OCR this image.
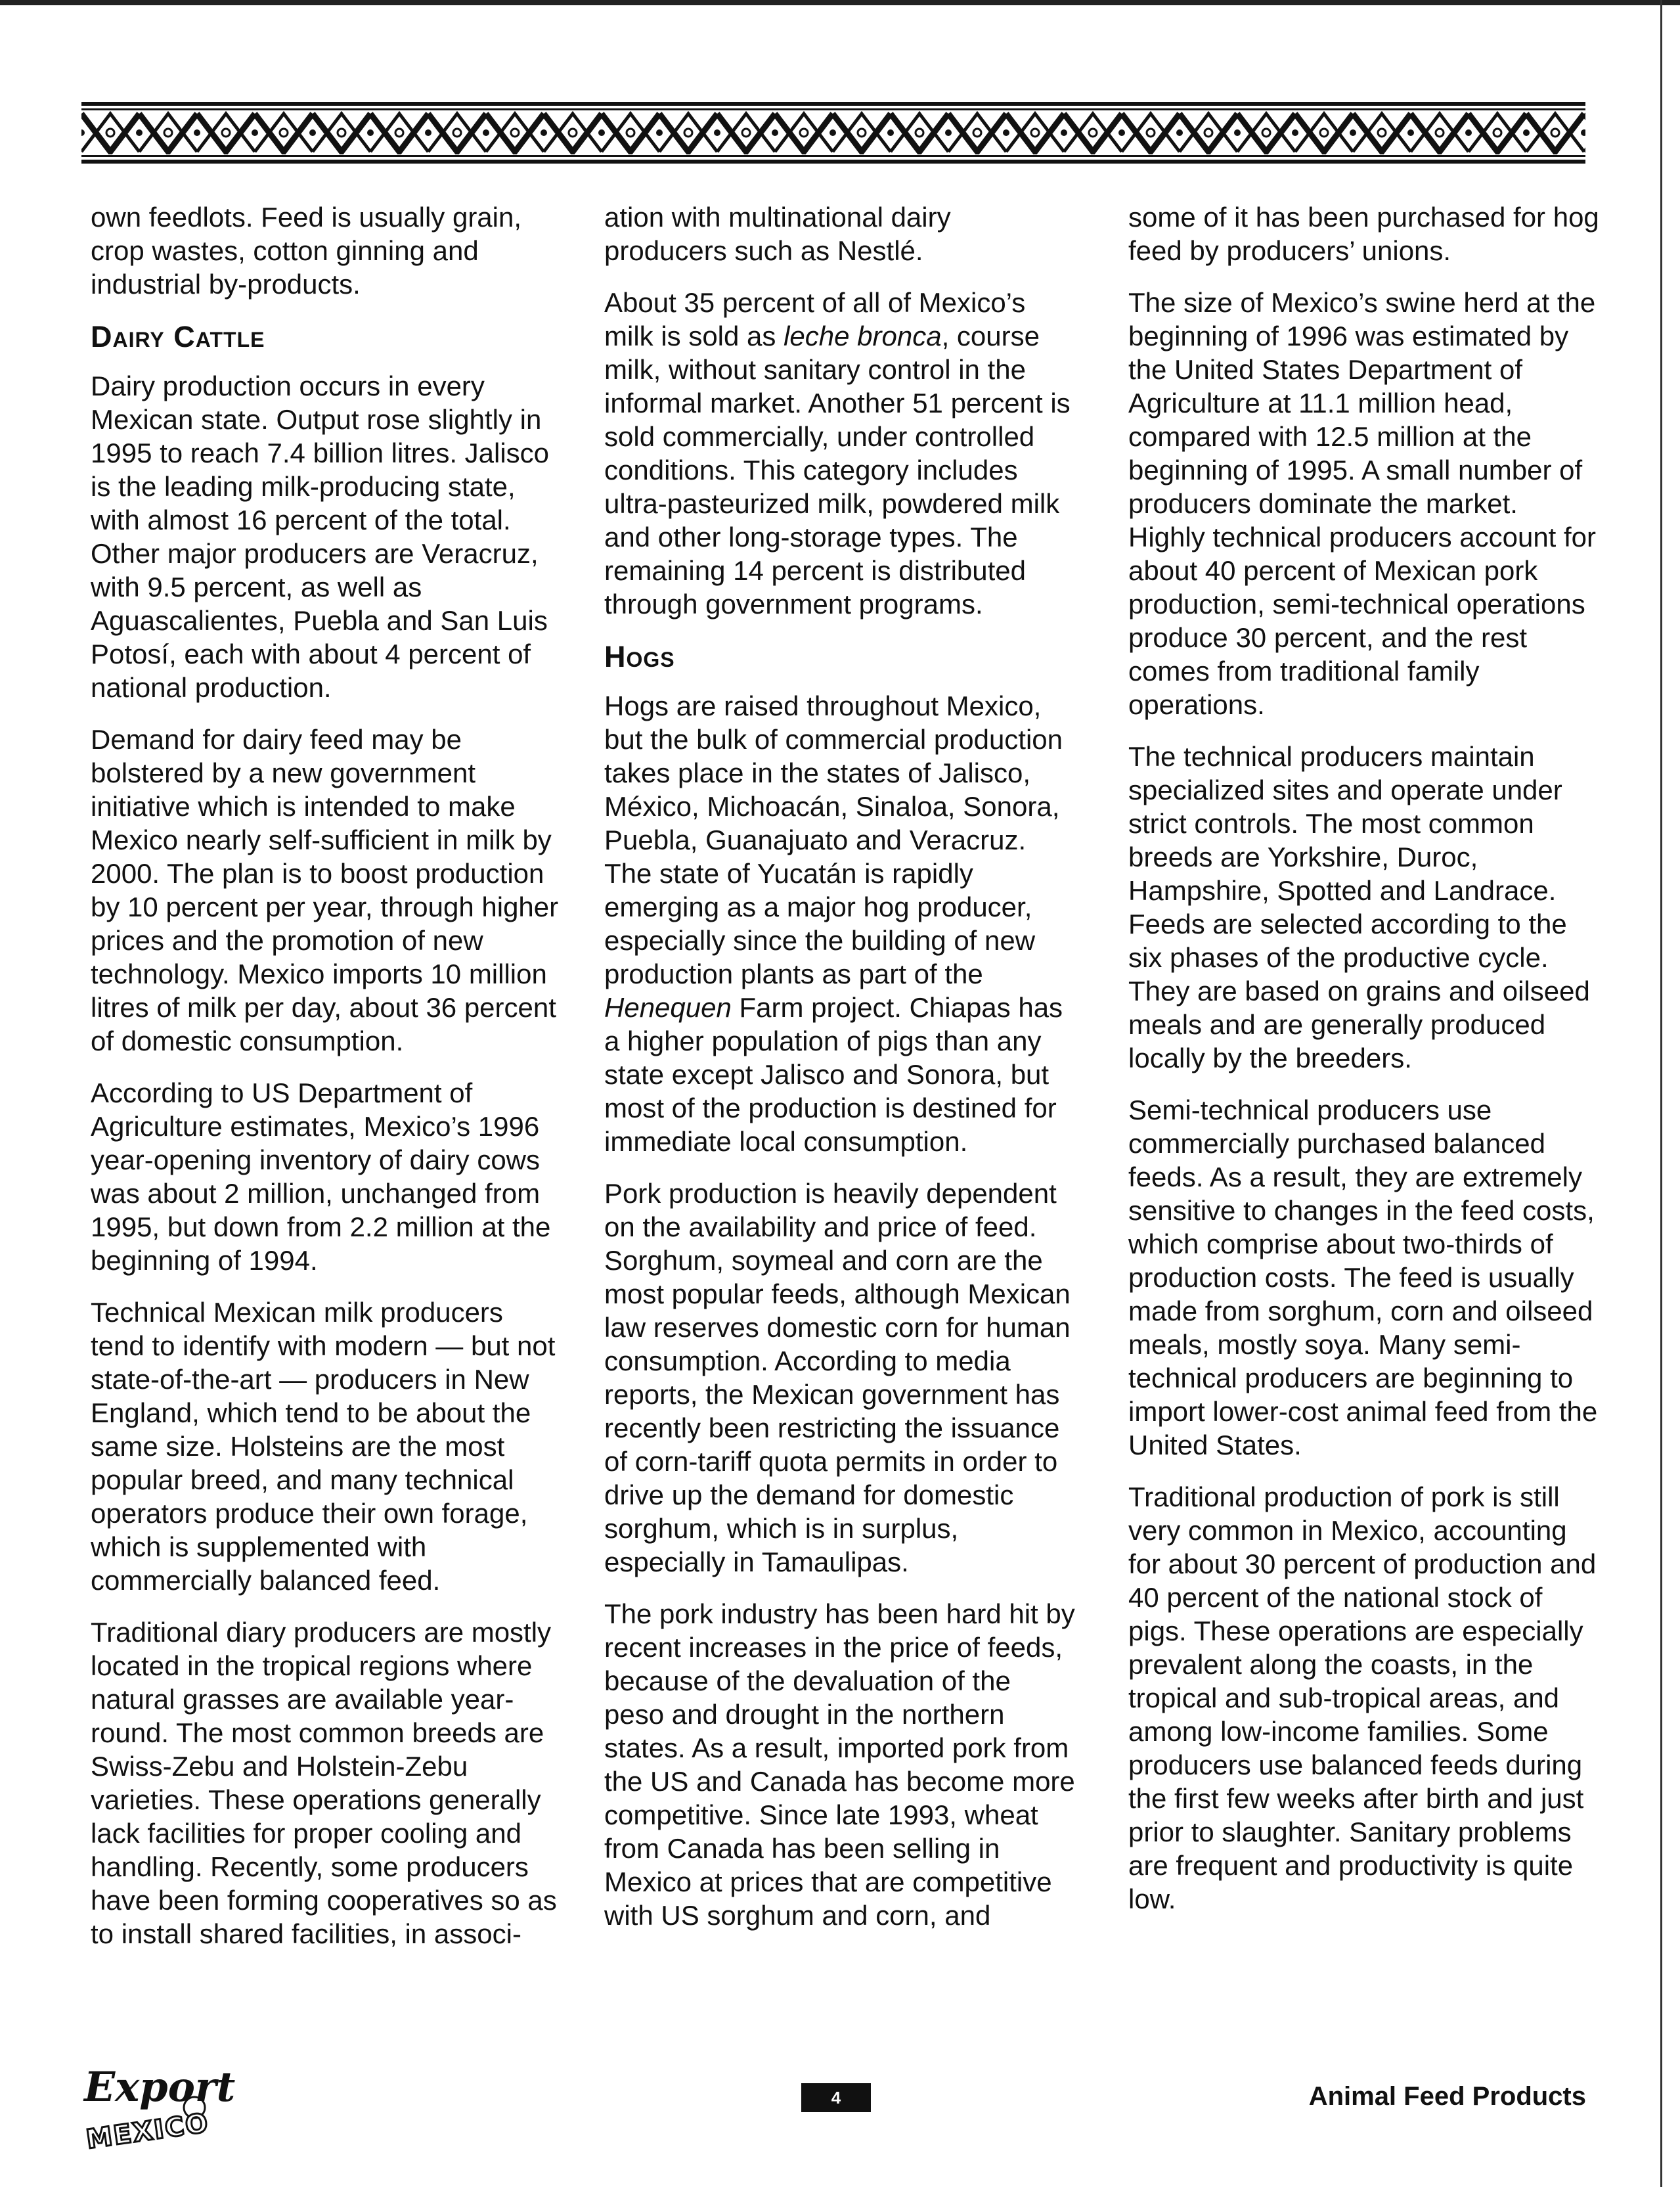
own feedlots. Feed is usually grain, crop wastes, cotton ginning and industrial by-products.

Dairy Cattle

Dairy production occurs in every Mexican state. Output rose slightly in 1995 to reach 7.4 billion litres. Jalisco is the leading milk-producing state, with almost 16 percent of the total. Other major producers are Veracruz, with 9.5 percent, as well as Aguascalientes, Puebla and San Luis Potosí, each with about 4 percent of national production.

Demand for dairy feed may be bolstered by a new government initiative which is intended to make Mexico nearly self-sufficient in milk by 2000. The plan is to boost production by 10 percent per year, through higher prices and the promotion of new technology. Mexico imports 10 million litres of milk per day, about 36 percent of domestic consumption.

According to US Department of Agriculture estimates, Mexico’s 1996 year-opening inventory of dairy cows was about 2 million, unchanged from 1995, but down from 2.2 million at the beginning of 1994.

Technical Mexican milk producers tend to identify with modern — but not state-of-the-art — producers in New England, which tend to be about the same size. Holsteins are the most popular breed, and many technical operators produce their own forage, which is supplemented with commercially balanced feed.

Traditional diary producers are mostly located in the tropical regions where natural grasses are available year-round. The most common breeds are Swiss-Zebu and Holstein-Zebu varieties. These operations generally lack facilities for proper cooling and handling. Recently, some producers have been forming cooperatives so as to install shared facilities, in associ-

ation with multinational dairy producers such as Nestlé.

About 35 percent of all of Mexico’s milk is sold as leche bronca, course milk, without sanitary control in the informal market. Another 51 percent is sold commercially, under controlled conditions. This category includes ultra-pasteurized milk, powdered milk and other long-storage types. The remaining 14 percent is distributed through government programs.

Hogs

Hogs are raised throughout Mexico, but the bulk of commercial production takes place in the states of Jalisco, México, Michoacán, Sinaloa, Sonora, Puebla, Guanajuato and Veracruz. The state of Yucatán is rapidly emerging as a major hog producer, especially since the building of new production plants as part of the Henequen Farm project. Chiapas has a higher population of pigs than any state except Jalisco and Sonora, but most of the production is destined for immediate local consumption.

Pork production is heavily dependent on the availability and price of feed. Sorghum, soymeal and corn are the most popular feeds, although Mexican law reserves domestic corn for human consumption. According to media reports, the Mexican government has recently been restricting the issuance of corn-tariff quota permits in order to drive up the demand for domestic sorghum, which is in surplus, especially in Tamaulipas.

The pork industry has been hard hit by recent increases in the price of feeds, because of the devaluation of the peso and drought in the northern states. As a result, imported pork from the US and Canada has become more competitive. Since late 1993, wheat from Canada has been selling in Mexico at prices that are competitive with US sorghum and corn, and

some of it has been purchased for hog feed by producers’ unions.

The size of Mexico’s swine herd at the beginning of 1996 was estimated by the United States Department of Agriculture at 11.1 million head, compared with 12.5 million at the beginning of 1995. A small number of producers dominate the market. Highly technical producers account for about 40 percent of Mexican pork production, semi-technical operations produce 30 percent, and the rest comes from traditional family operations.

The technical producers maintain specialized sites and operate under strict controls. The most common breeds are Yorkshire, Duroc, Hampshire, Spotted and Landrace. Feeds are selected according to the six phases of the productive cycle. They are based on grains and oilseed meals and are generally produced locally by the breeders.

Semi-technical producers use commercially purchased balanced feeds. As a result, they are extremely sensitive to changes in the feed costs, which comprise about two-thirds of production costs. The feed is usually made from sorghum, corn and oilseed meals, mostly soya. Many semi-technical producers are beginning to import lower-cost animal feed from the United States.

Traditional production of pork is still very common in Mexico, accounting for about 30 percent of production and 40 percent of the national stock of pigs. These operations are especially prevalent along the coasts, in the tropical and sub-tropical areas, and among low-income families. Some producers use balanced feeds during the first few weeks after birth and just prior to slaughter. Sanitary problems are frequent and productivity is quite low.

Export
MEXICO
4	Animal Feed Products
